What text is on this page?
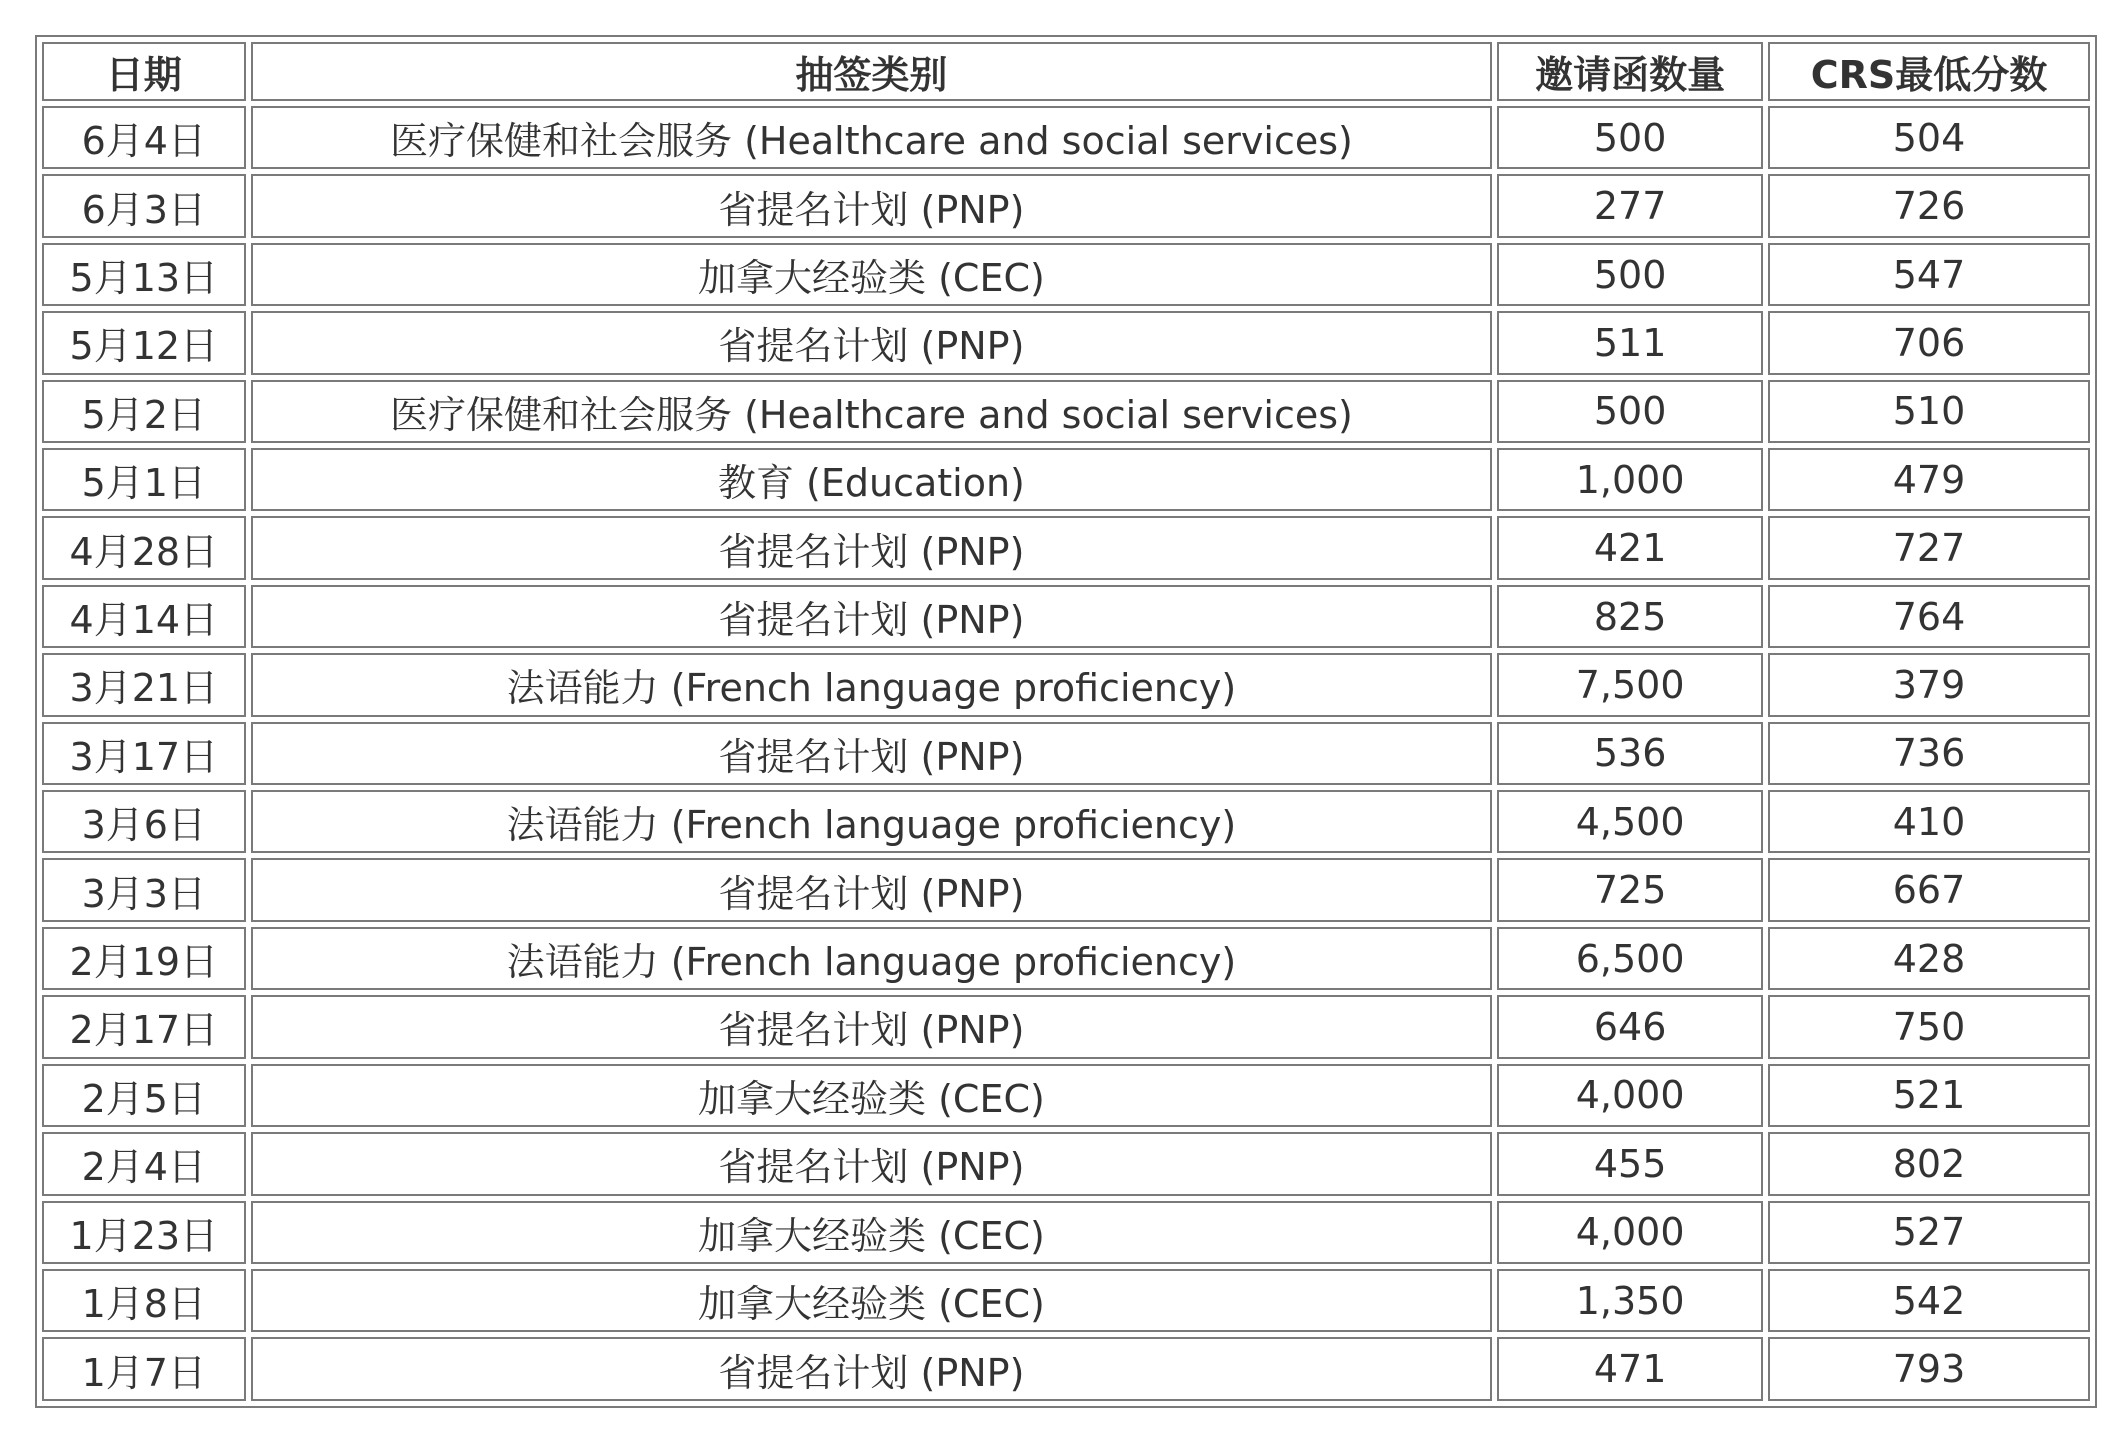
日期	抽签类别	邀请函数量	CRS最低分数
6月4日	医疗保健和社会服务 (Healthcare and social services)	500	504
6月3日	省提名计划 (PNP)	277	726
5月13日	加拿大经验类 (CEC)	500	547
5月12日	省提名计划 (PNP)	511	706
5月2日	医疗保健和社会服务 (Healthcare and social services)	500	510
5月1日	教育 (Education)	1,000	479
4月28日	省提名计划 (PNP)	421	727
4月14日	省提名计划 (PNP)	825	764
3月21日	法语能力 (French language proficiency)	7,500	379
3月17日	省提名计划 (PNP)	536	736
3月6日	法语能力 (French language proficiency)	4,500	410
3月3日	省提名计划 (PNP)	725	667
2月19日	法语能力 (French language proficiency)	6,500	428
2月17日	省提名计划 (PNP)	646	750
2月5日	加拿大经验类 (CEC)	4,000	521
2月4日	省提名计划 (PNP)	455	802
1月23日	加拿大经验类 (CEC)	4,000	527
1月8日	加拿大经验类 (CEC)	1,350	542
1月7日	省提名计划 (PNP)	471	793
